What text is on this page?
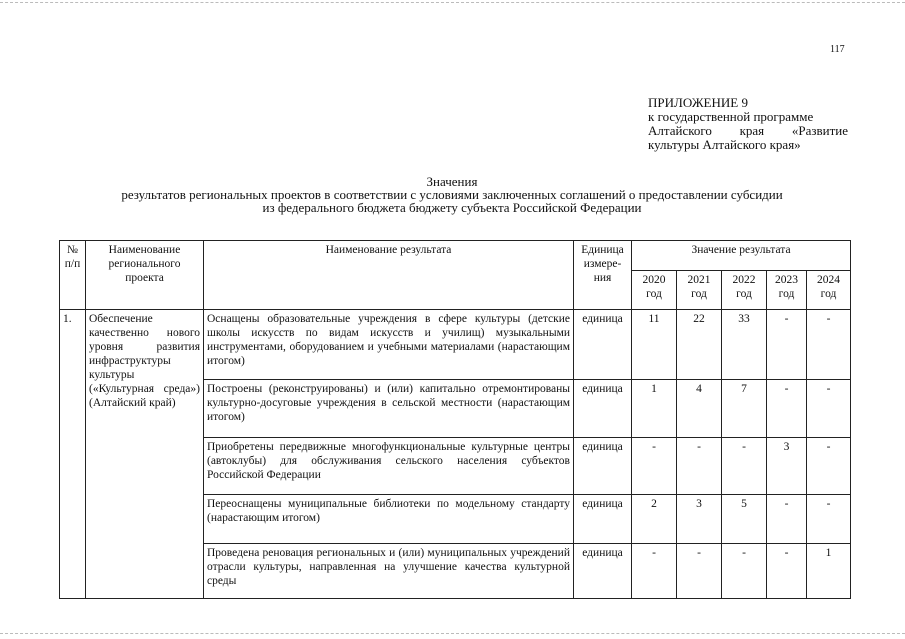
117
ПРИЛОЖЕНИЕ 9
к государственной программе
Алтайского края «Развитие
культуры Алтайского края»
Значения
результатов региональных проектов в соответствии с условиями заключенных соглашений о предоставлении субсидии
из федерального бюджета бюджету субъекта Российской Федерации
№ п/п	Наименование регионального проекта	Наименование результата	Единица измере- ния	Значение результата				
				2020 год	2021 год	2022 год	2023 год	2024 год
1.	Обеспечение качественно нового уровня развития инфраструктуры культуры («Культурная среда») (Алтайский край)	Оснащены образовательные учреждения в сфере культуры (детские школы искусств по видам искусств и училищ) музыкальными инструментами, оборудованием и учебными материалами (нарастающим итогом)	единица	11	22	33	-	-
		Построены (реконструированы) и (или) капитально отремонтированы культурно-досуговые учреждения в сельской местности (нарастающим итогом)	единица	1	4	7	-	-
		Приобретены передвижные многофункциональные культурные центры (автоклубы) для обслуживания сельского населения субъектов Российской Федерации	единица	-	-	-	3	-
		Переоснащены муниципальные библиотеки по модельному стандарту (нарастающим итогом)	единица	2	3	5	-	-
		Проведена реновация региональных и (или) муниципальных учреждений отрасли культуры, направленная на улучшение качества культурной среды	единица	-	-	-	-	1
